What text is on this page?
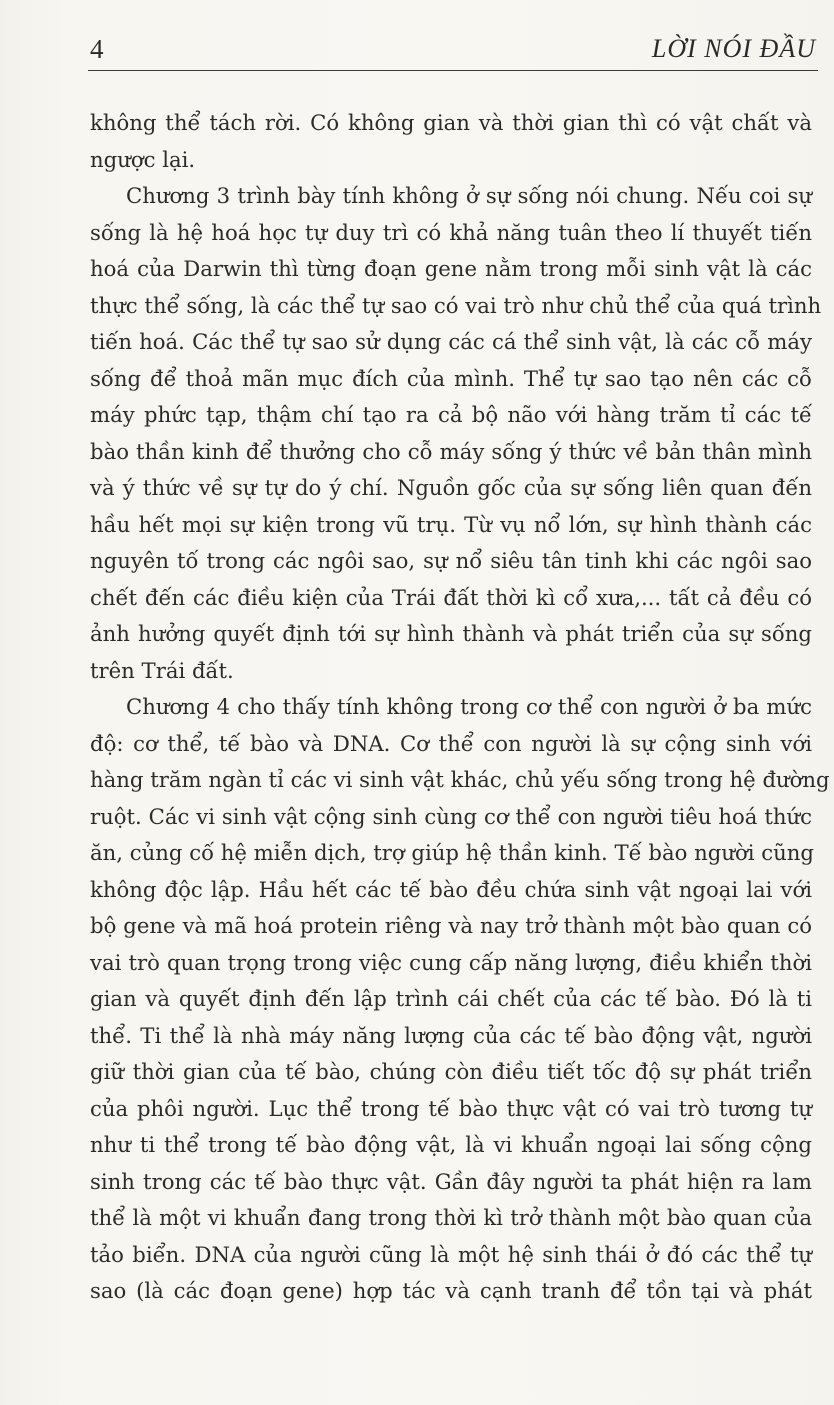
4	LỜI NÓI ĐẦU
không thể tách rời. Có không gian và thời gian thì có vật chất và
ngược lại.
Chương 3 trình bày tính không ở sự sống nói chung. Nếu coi sự
sống là hệ hoá học tự duy trì có khả năng tuân theo lí thuyết tiến
hoá của Darwin thì từng đoạn gene nằm trong mỗi sinh vật là các
thực thể sống, là các thể tự sao có vai trò như chủ thể của quá trình
tiến hoá. Các thể tự sao sử dụng các cá thể sinh vật, là các cỗ máy
sống để thoả mãn mục đích của mình. Thể tự sao tạo nên các cỗ
máy phức tạp, thậm chí tạo ra cả bộ não với hàng trăm tỉ các tế
bào thần kinh để thưởng cho cỗ máy sống ý thức về bản thân mình
và ý thức về sự tự do ý chí. Nguồn gốc của sự sống liên quan đến
hầu hết mọi sự kiện trong vũ trụ. Từ vụ nổ lớn, sự hình thành các
nguyên tố trong các ngôi sao, sự nổ siêu tân tinh khi các ngôi sao
chết đến các điều kiện của Trái đất thời kì cổ xưa,... tất cả đều có
ảnh hưởng quyết định tới sự hình thành và phát triển của sự sống
trên Trái đất.
Chương 4 cho thấy tính không trong cơ thể con người ở ba mức
độ: cơ thể, tế bào và DNA. Cơ thể con người là sự cộng sinh với
hàng trăm ngàn tỉ các vi sinh vật khác, chủ yếu sống trong hệ đường
ruột. Các vi sinh vật cộng sinh cùng cơ thể con người tiêu hoá thức
ăn, củng cố hệ miễn dịch, trợ giúp hệ thần kinh. Tế bào người cũng
không độc lập. Hầu hết các tế bào đều chứa sinh vật ngoại lai với
bộ gene và mã hoá protein riêng và nay trở thành một bào quan có
vai trò quan trọng trong việc cung cấp năng lượng, điều khiển thời
gian và quyết định đến lập trình cái chết của các tế bào. Đó là ti
thể. Ti thể là nhà máy năng lượng của các tế bào động vật, người
giữ thời gian của tế bào, chúng còn điều tiết tốc độ sự phát triển
của phôi người. Lục thể trong tế bào thực vật có vai trò tương tự
như ti thể trong tế bào động vật, là vi khuẩn ngoại lai sống cộng
sinh trong các tế bào thực vật. Gần đây người ta phát hiện ra lam
thể là một vi khuẩn đang trong thời kì trở thành một bào quan của
tảo biển. DNA của người cũng là một hệ sinh thái ở đó các thể tự
sao (là các đoạn gene) hợp tác và cạnh tranh để tồn tại và phát
